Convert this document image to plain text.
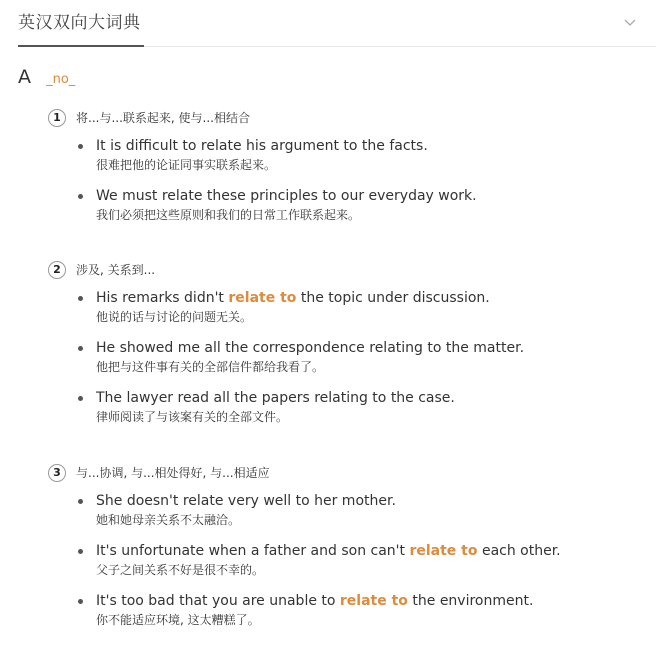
英汉双向大词典
A _no_
1 将...与...联系起来, 使与...相结合
It is difficult to relate his argument to the facts.
很难把他的论证同事实联系起来。
We must relate these principles to our everyday work.
我们必须把这些原则和我们的日常工作联系起来。
2 涉及, 关系到...
His remarks didn't relate to the topic under discussion.
他说的话与讨论的问题无关。
He showed me all the correspondence relating to the matter.
他把与这件事有关的全部信件都给我看了。
The lawyer read all the papers relating to the case.
律师阅读了与该案有关的全部文件。
3 与...协调, 与...相处得好, 与...相适应
She doesn't relate very well to her mother.
她和她母亲关系不太融洽。
It's unfortunate when a father and son can't relate to each other.
父子之间关系不好是很不幸的。
It's too bad that you are unable to relate to the environment.
你不能适应环境, 这太糟糕了。
